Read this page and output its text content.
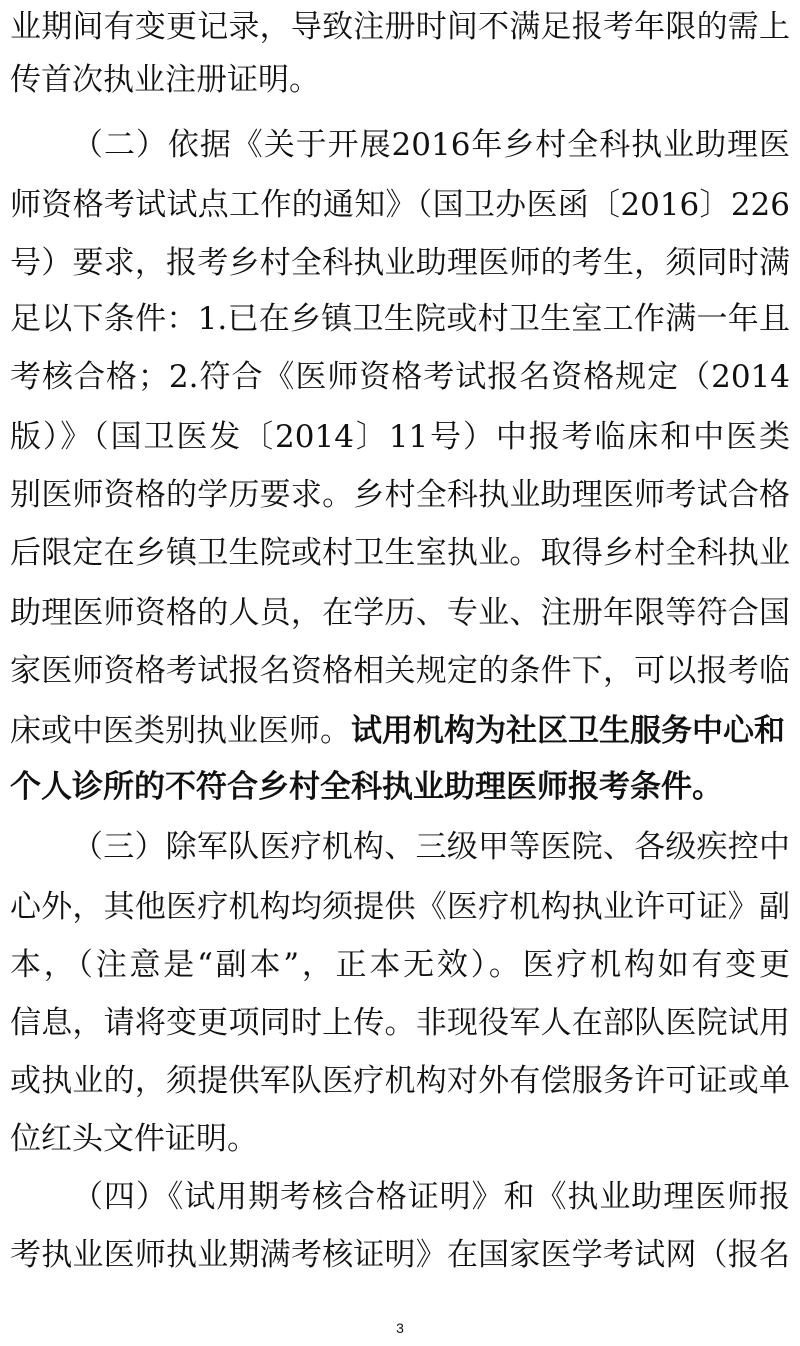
业期间有变更记录，导致注册时间不满足报考年限的需上
传首次执业注册证明。
（二）依据《关于开展2016年乡村全科执业助理医
师资格考试试点工作的通知》（国卫办医函〔2016〕226
号）要求，报考乡村全科执业助理医师的考生，须同时满
足以下条件：1.已在乡镇卫生院或村卫生室工作满一年且
考核合格；2.符合《医师资格考试报名资格规定（2014
版）》（国卫医发〔2014〕11号）中报考临床和中医类
别医师资格的学历要求。乡村全科执业助理医师考试合格
后限定在乡镇卫生院或村卫生室执业。取得乡村全科执业
助理医师资格的人员，在学历、专业、注册年限等符合国
家医师资格考试报名资格相关规定的条件下，可以报考临
床或中医类别执业医师。试用机构为社区卫生服务中心和
个人诊所的不符合乡村全科执业助理医师报考条件。
（三）除军队医疗机构、三级甲等医院、各级疾控中
心外，其他医疗机构均须提供《医疗机构执业许可证》副
本，（注意是“副本”，正本无效）。医疗机构如有变更
信息，请将变更项同时上传。非现役军人在部队医院试用
或执业的，须提供军队医疗机构对外有偿服务许可证或单
位红头文件证明。
（四）《试用期考核合格证明》和《执业助理医师报
考执业医师执业期满考核证明》在国家医学考试网（报名
3
